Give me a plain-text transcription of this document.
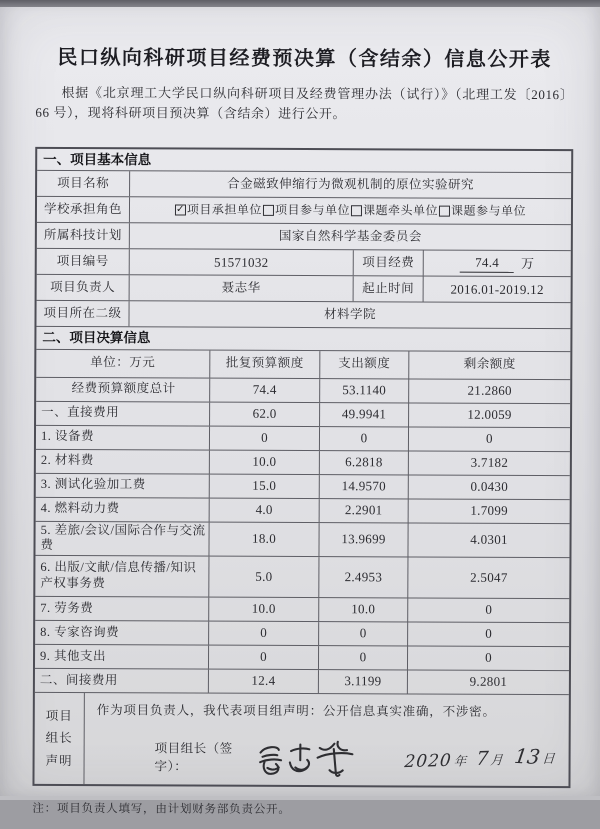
民口纵向科研项目经费预决算（含结余）信息公开表

根据《北京理工大学民口纵向科研项目及经费管理办法（试行）》（北理工发〔2016〕66 号），现将科研项目预决算（含结余）进行公开。

一、项目基本信息
项目名称	合金磁致伸缩行为微观机制的原位实验研究
学校承担角色	✓ 项目承担单位 项目参与单位 课题牵头单位 课题参与单位
所属科技计划	国家自然科学基金委员会
项目编号	51571032	项目经费	74.4	万
项目负责人	聂志华	起止时间	2016.01-2019.12
项目所在二级	材料学院
二、项目决算信息
单位：万元	批复预算额度	支出额度	剩余额度
经费预算额度总计	74.4	53.1140	21.2860
一、直接费用	62.0	49.9941	12.0059
1. 设备费	0	0	0
2. 材料费	10.0	6.2818	3.7182
3. 测试化验加工费	15.0	14.9570	0.0430
4. 燃料动力费	4.0	2.2901	1.7099
5. 差旅/会议/国际合作与交流费	18.0	13.9699	4.0301
6. 出版/文献/信息传播/知识产权事务费	5.0	2.4953	2.5047
7. 劳务费	10.0	10.0	0
8. 专家咨询费	0	0	0
9. 其他支出	0	0	0
二、间接费用	12.4	3.1199	9.2801
项目
组长
声明
作为项目负责人，我代表项目组声明：公开信息真实准确，不涉密。
项目组长（签字）：	2020 年 7 月 13 日

注：项目负责人填写，由计划财务部负责公开。
